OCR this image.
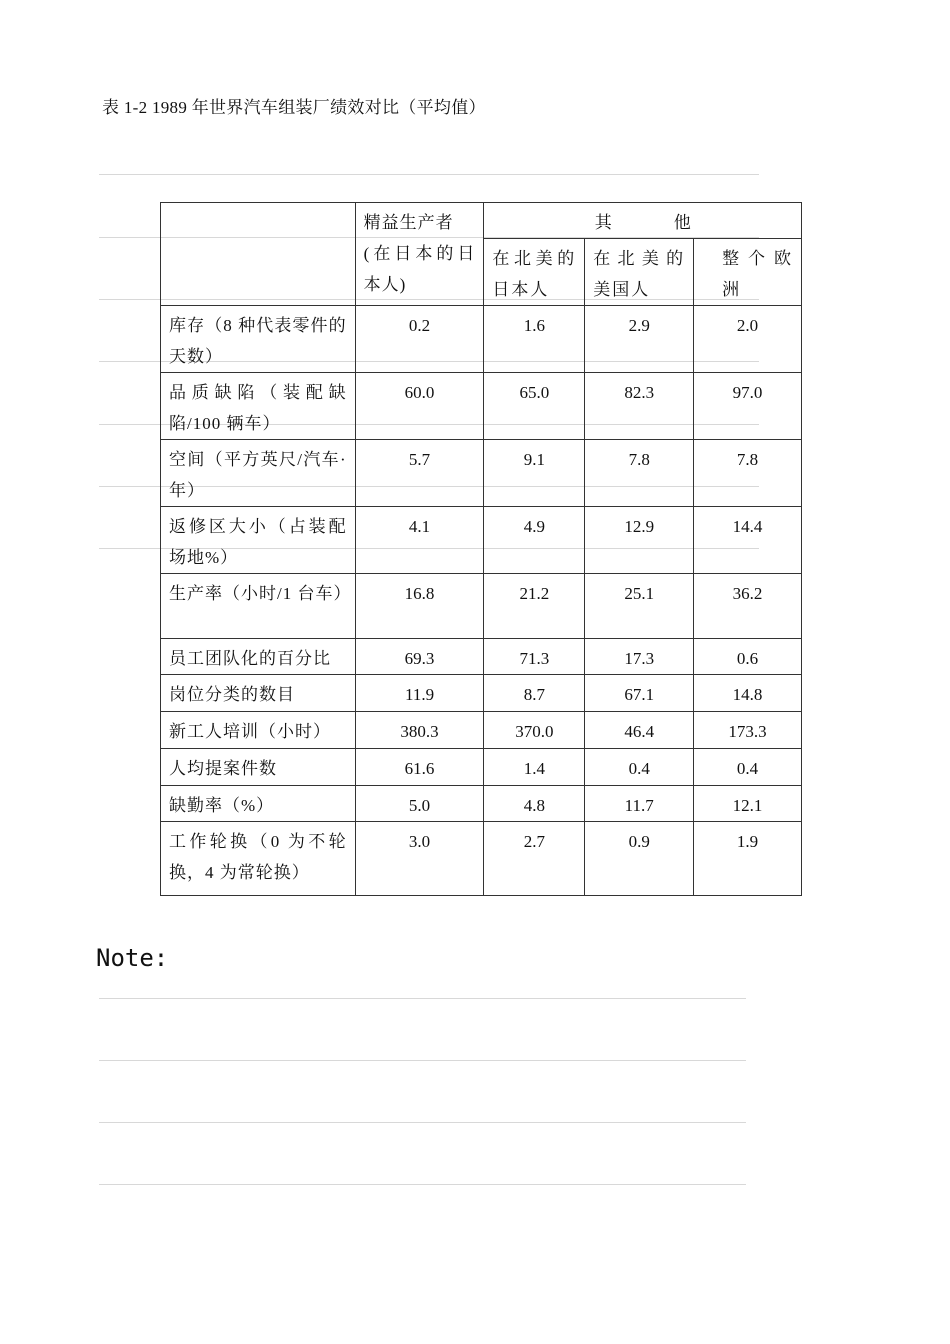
表 1-2 1989 年世界汽车组装厂绩效对比（平均值）
	精益生产者
(在日本的日本人)	其 他		
		在北美的日本人	在北美的美国人	整个欧洲
库存（8 种代表零件的天数）	0.2	1.6	2.9	2.0
品质缺陷（装配缺陷/100 辆车）	60.0	65.0	82.3	97.0
空间（平方英尺/汽车·年）	5.7	9.1	7.8	7.8
返修区大小（占装配场地%）	4.1	4.9	12.9	14.4
生产率（小时/1 台车）	16.8	21.2	25.1	36.2
员工团队化的百分比	69.3	71.3	17.3	0.6
岗位分类的数目	11.9	8.7	67.1	14.8
新工人培训（小时）	380.3	370.0	46.4	173.3
人均提案件数	61.6	1.4	0.4	0.4
缺勤率（%）	5.0	4.8	11.7	12.1
工作轮换（0 为不轮换，4 为常轮换）	3.0	2.7	0.9	1.9
Note:
